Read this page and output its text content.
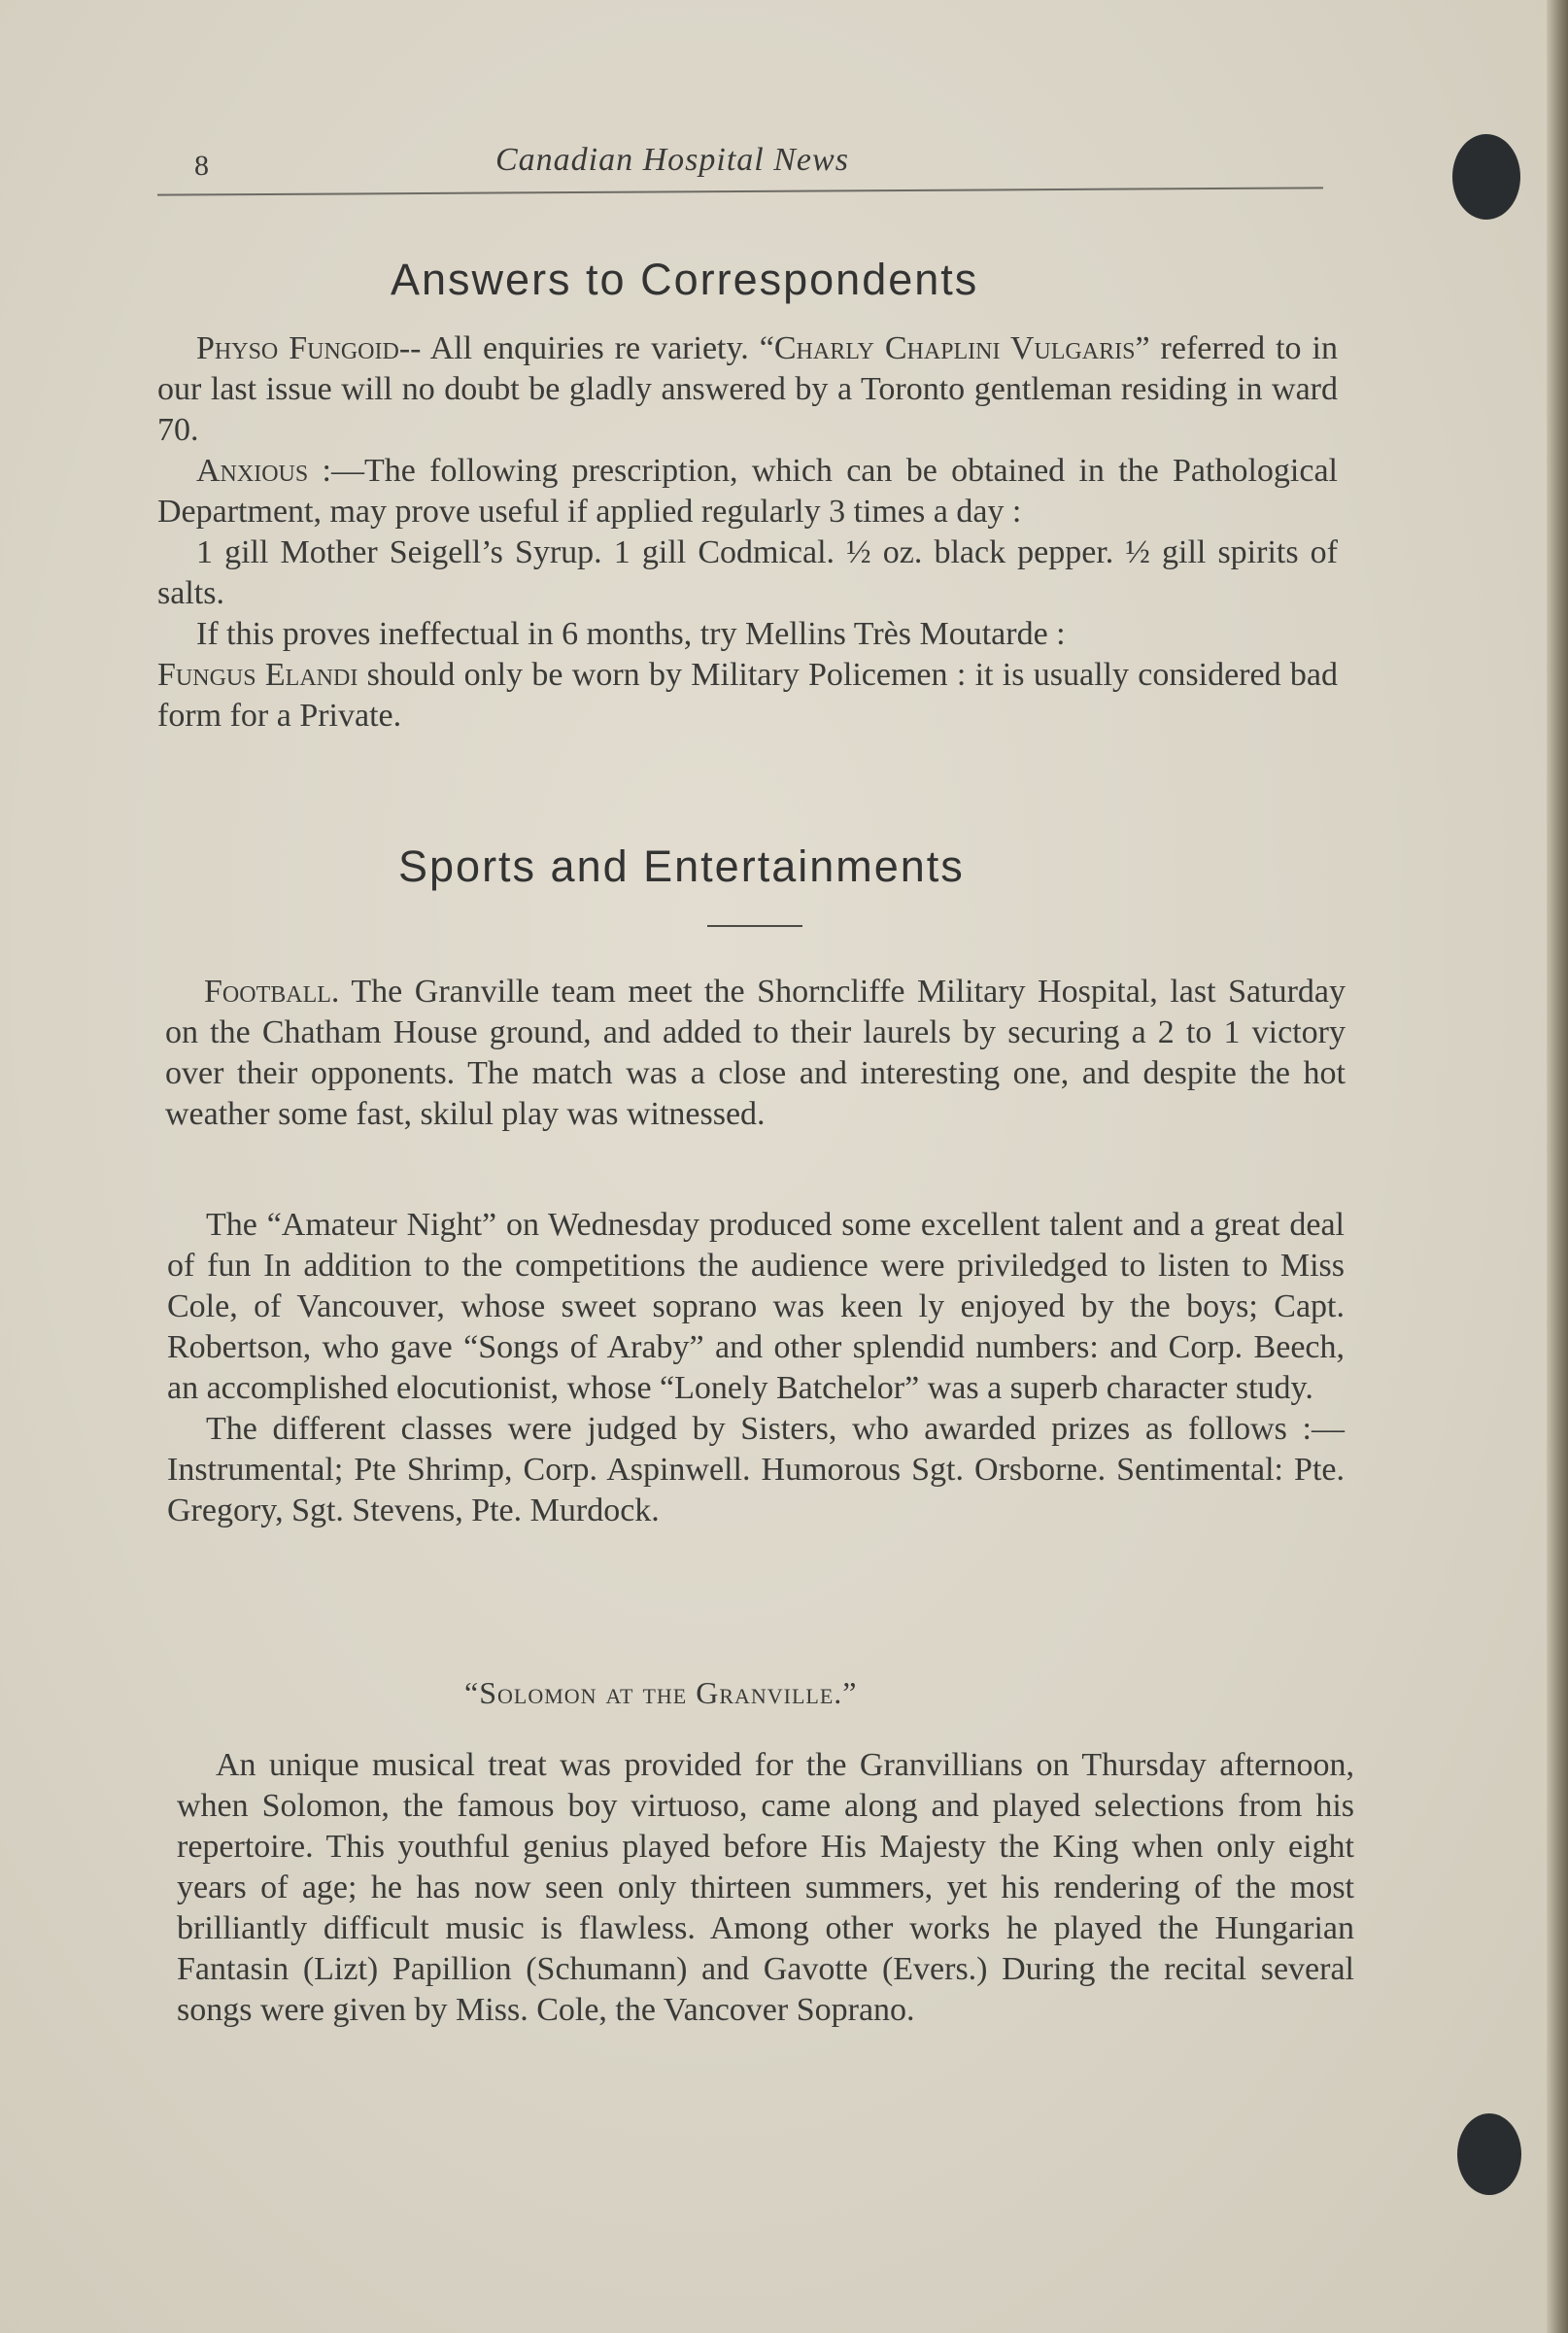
8	Canadian Hospital News
Answers to Correspondents

Physo Fungoid-- All enquiries re variety. “Charly Chaplini Vulgaris” referred to in our last issue will no doubt be gladly answered by a Toronto gentleman residing in ward 70.

Anxious :—The following prescription, which can be obtained in the Pathological Department, may prove useful if applied regularly 3 times a day :

1 gill Mother Seigell’s Syrup. 1 gill Codmical. ½ oz. black pepper. ½ gill spirits of salts.

If this proves ineffectual in 6 months, try Mellins Très Moutarde :

Fungus Elandi should only be worn by Military Policemen : it is usually considered bad form for a Private.

Sports and Entertainments

Football. The Granville team meet the Shorncliffe Military Hospital, last Saturday on the Chatham House ground, and added to their laurels by securing a 2 to 1 victory over their opponents. The match was a close and interesting one, and despite the hot weather some fast, skilul play was witnessed.

The “Amateur Night” on Wednesday produced some excellent talent and a great deal of fun In addition to the competitions the audience were priviledged to listen to Miss Cole, of Vancouver, whose sweet soprano was keen ly enjoyed by the boys; Capt. Robertson, who gave “Songs of Araby” and other splendid numbers: and Corp. Beech, an accomplished elocutionist, whose “Lonely Batchelor” was a superb character study.

The different classes were judged by Sisters, who awarded prizes as follows :—Instrumental; Pte Shrimp, Corp. Aspinwell. Humorous Sgt. Orsborne. Sentimental: Pte. Gregory, Sgt. Stevens, Pte. Murdock.

“Solomon at the Granville.”

An unique musical treat was provided for the Granvillians on Thursday afternoon, when Solomon, the famous boy virtuoso, came along and played selections from his repertoire. This youthful genius played before His Majesty the King when only eight years of age; he has now seen only thirteen summers, yet his rendering of the most brilliantly difficult music is flawless. Among other works he played the Hungarian Fantasin (Lizt) Papillion (Schumann) and Gavotte (Evers.) During the recital several songs were given by Miss. Cole, the Vancover Soprano.
